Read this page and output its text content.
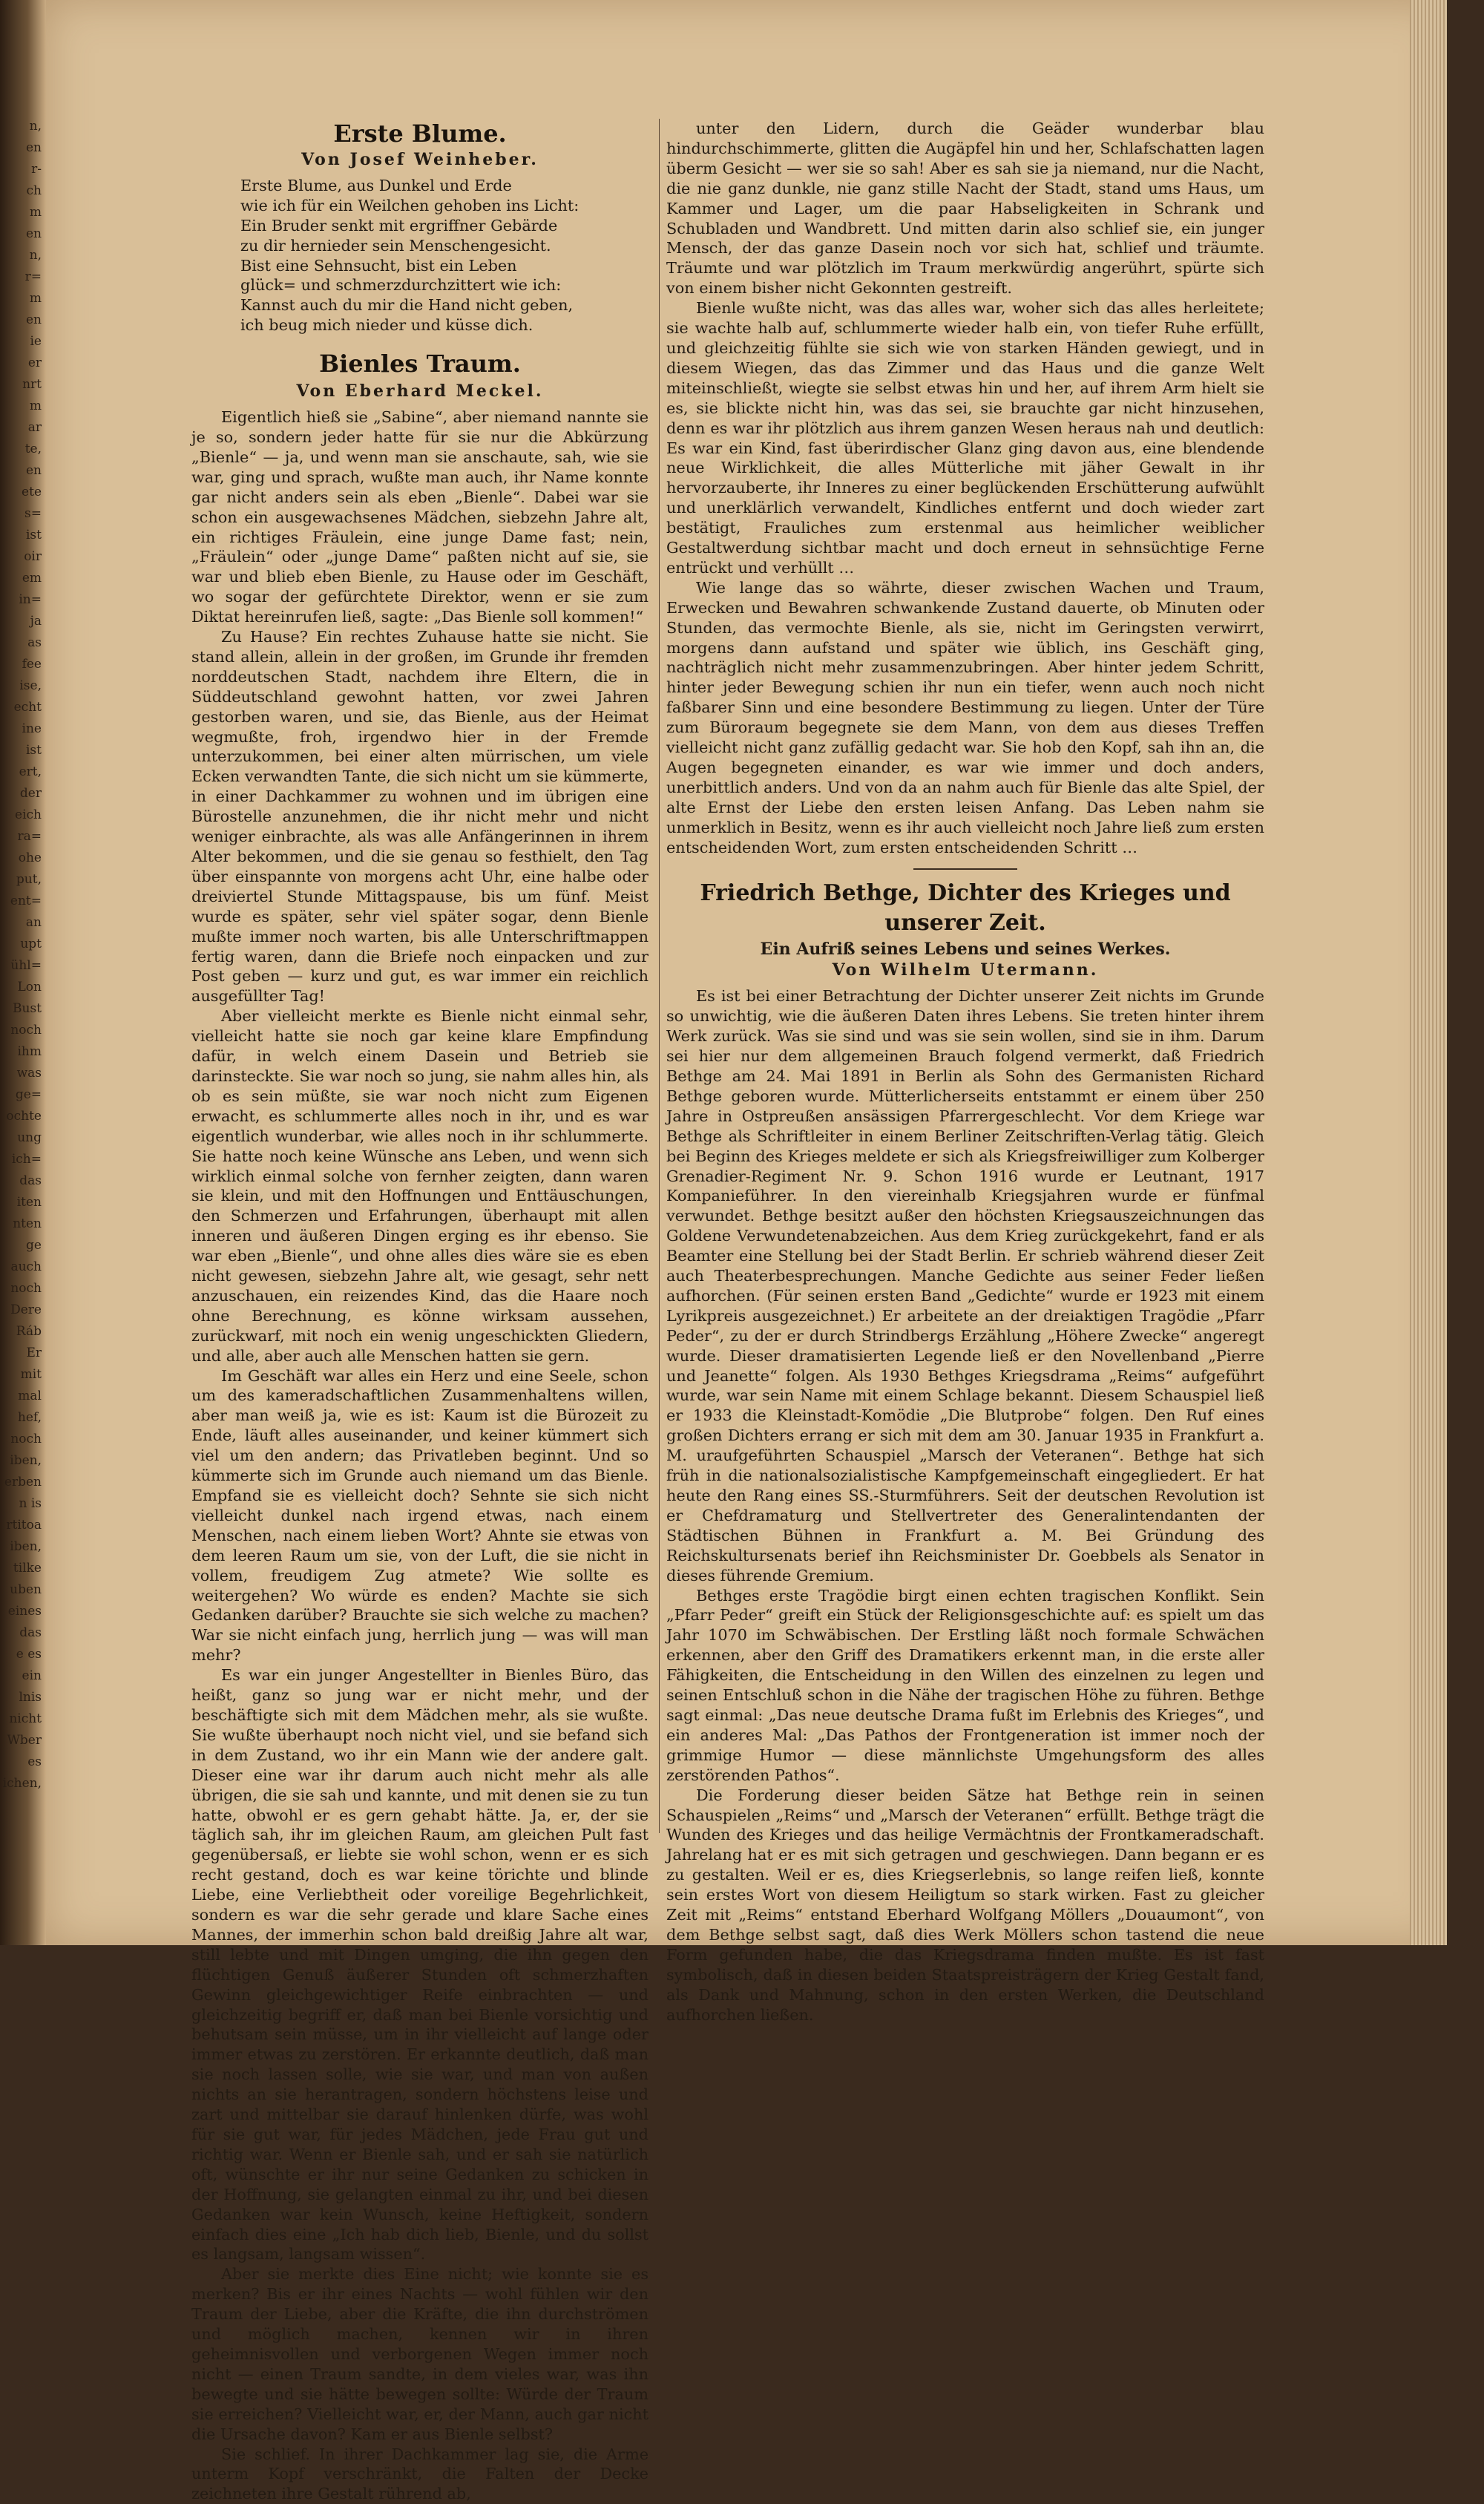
n,
en
r-
ch
m
en
n,
r=
m
en
ie
er
nrt
m
ar
te,
en
ete
s=
ist
oir
em
in=
ja
as
fee
ise,
echt
ine
ist
ert,
der
eich
ra=
ohe
put,
ent=
an
upt
ühl=
Lon
Bust
noch
ihm
was
ge=
ochte
ung
ich=
das
iten
nten
ge
auch
noch
Dere
Ráb
Er
mit
mal
hef,
noch
iben,
erben
n is
rtitoa
iben,
tilke
uben
eines
das
e es
ein
lnis
nicht
Wber
es
ichen,
Erste Blume.
Von Josef Weinheber.
Erste Blume, aus Dunkel und Erde
wie ich für ein Weilchen gehoben ins Licht:
Ein Bruder senkt mit ergriffner Gebärde
zu dir hernieder sein Menschengesicht.
Bist eine Sehnsucht, bist ein Leben
glück= und schmerzdurchzittert wie ich:
Kannst auch du mir die Hand nicht geben,
ich beug mich nieder und küsse dich.
Bienles Traum.
Von Eberhard Meckel.

Eigentlich hieß sie „Sabine“, aber niemand nannte sie je so, sondern jeder hatte für sie nur die Abkürzung „Bienle“ — ja, und wenn man sie anschaute, sah, wie sie war, ging und sprach, wußte man auch, ihr Name konnte gar nicht anders sein als eben „Bienle“. Dabei war sie schon ein ausgewachsenes Mädchen, siebzehn Jahre alt, ein richtiges Fräulein, eine junge Dame fast; nein, „Fräulein“ oder „junge Dame“ paßten nicht auf sie, sie war und blieb eben Bienle, zu Hause oder im Geschäft, wo sogar der gefürchtete Direktor, wenn er sie zum Diktat hereinrufen ließ, sagte: „Das Bienle soll kommen!“

Zu Hause? Ein rechtes Zuhause hatte sie nicht. Sie stand allein, allein in der großen, im Grunde ihr fremden norddeutschen Stadt, nachdem ihre Eltern, die in Süddeutschland gewohnt hatten, vor zwei Jahren gestorben waren, und sie, das Bienle, aus der Heimat wegmußte, froh, irgendwo hier in der Fremde unterzukommen, bei einer alten mürrischen, um viele Ecken verwandten Tante, die sich nicht um sie kümmerte, in einer Dachkammer zu wohnen und im übrigen eine Bürostelle anzunehmen, die ihr nicht mehr und nicht weniger einbrachte, als was alle Anfängerinnen in ihrem Alter bekommen, und die sie genau so festhielt, den Tag über einspannte von morgens acht Uhr, eine halbe oder dreiviertel Stunde Mittagspause, bis um fünf. Meist wurde es später, sehr viel später sogar, denn Bienle mußte immer noch warten, bis alle Unterschriftmappen fertig waren, dann die Briefe noch einpacken und zur Post geben — kurz und gut, es war immer ein reichlich ausgefüllter Tag!

Aber vielleicht merkte es Bienle nicht einmal sehr, vielleicht hatte sie noch gar keine klare Empfindung dafür, in welch einem Dasein und Betrieb sie darinsteckte. Sie war noch so jung, sie nahm alles hin, als ob es sein müßte, sie war noch nicht zum Eigenen erwacht, es schlummerte alles noch in ihr, und es war eigentlich wunderbar, wie alles noch in ihr schlummerte. Sie hatte noch keine Wünsche ans Leben, und wenn sich wirklich einmal solche von fernher zeigten, dann waren sie klein, und mit den Hoffnungen und Enttäuschungen, den Schmerzen und Erfahrungen, überhaupt mit allen inneren und äußeren Dingen erging es ihr ebenso. Sie war eben „Bienle“, und ohne alles dies wäre sie es eben nicht gewesen, siebzehn Jahre alt, wie gesagt, sehr nett anzuschauen, ein reizendes Kind, das die Haare noch ohne Berechnung, es könne wirksam aussehen, zurückwarf, mit noch ein wenig ungeschickten Gliedern, und alle, aber auch alle Menschen hatten sie gern.

Im Geschäft war alles ein Herz und eine Seele, schon um des kameradschaftlichen Zusammenhaltens willen, aber man weiß ja, wie es ist: Kaum ist die Bürozeit zu Ende, läuft alles auseinander, und keiner kümmert sich viel um den andern; das Privatleben beginnt. Und so kümmerte sich im Grunde auch niemand um das Bienle. Empfand sie es vielleicht doch? Sehnte sie sich nicht vielleicht dunkel nach irgend etwas, nach einem Menschen, nach einem lieben Wort? Ahnte sie etwas von dem leeren Raum um sie, von der Luft, die sie nicht in vollem, freudigem Zug atmete? Wie sollte es weitergehen? Wo würde es enden? Machte sie sich Gedanken darüber? Brauchte sie sich welche zu machen? War sie nicht einfach jung, herrlich jung — was will man mehr?

Es war ein junger Angestellter in Bienles Büro, das heißt, ganz so jung war er nicht mehr, und der beschäftigte sich mit dem Mädchen mehr, als sie wußte. Sie wußte überhaupt noch nicht viel, und sie befand sich in dem Zustand, wo ihr ein Mann wie der andere galt. Dieser eine war ihr darum auch nicht mehr als alle übrigen, die sie sah und kannte, und mit denen sie zu tun hatte, obwohl er es gern gehabt hätte. Ja, er, der sie täglich sah, ihr im gleichen Raum, am gleichen Pult fast gegenübersaß, er liebte sie wohl schon, wenn er es sich recht gestand, doch es war keine törichte und blinde Liebe, eine Verliebtheit oder voreilige Begehrlichkeit, sondern es war die sehr gerade und klare Sache eines Mannes, der immerhin schon bald dreißig Jahre alt war, still lebte und mit Dingen umging, die ihn gegen den flüchtigen Genuß äußerer Stunden oft schmerzhaften Gewinn gleichgewichtiger Reife einbrachten — und gleichzeitig begriff er, daß man bei Bienle vorsichtig und behutsam sein müsse, um in ihr vielleicht auf lange oder immer etwas zu zerstören. Er erkannte deutlich, daß man sie noch lassen solle, wie sie war, und man von außen nichts an sie herantragen, sondern höchstens leise und zart und mittelbar sie darauf hinlenken dürfe, was wohl für sie gut war, für jedes Mädchen, jede Frau gut und richtig war. Wenn er Bienle sah, und er sah sie natürlich oft, wünschte er ihr nur seine Gedanken zu schicken in der Hoffnung, sie gelangten einmal zu ihr, und bei diesen Gedanken war kein Wunsch, keine Heftigkeit, sondern einfach dies eine „Ich hab dich lieb, Bienle, und du sollst es langsam, langsam wissen“.

Aber sie merkte dies Eine nicht; wie konnte sie es merken? Bis er ihr eines Nachts — wohl fühlen wir den Traum der Liebe, aber die Kräfte, die ihn durchströmen und möglich machen, kennen wir in ihren geheimnisvollen und verborgenen Wegen immer noch nicht — einen Traum sandte, in dem vieles war, was ihn bewegte und sie hätte bewegen sollte: Würde der Traum sie erreichen? Vielleicht war, er, der Mann, auch gar nicht die Ursache davon? Kam er aus Bienle selbst?

Sie schlief. In ihrer Dachkammer lag sie, die Arme unterm Kopf verschränkt, die Falten der Decke zeichneten ihre Gestalt rührend ab,

unter den Lidern, durch die Geäder wunderbar blau hindurchschimmerte, glitten die Augäpfel hin und her, Schlafschatten lagen überm Gesicht — wer sie so sah! Aber es sah sie ja niemand, nur die Nacht, die nie ganz dunkle, nie ganz stille Nacht der Stadt, stand ums Haus, um Kammer und Lager, um die paar Habseligkeiten in Schrank und Schubladen und Wandbrett. Und mitten darin also schlief sie, ein junger Mensch, der das ganze Dasein noch vor sich hat, schlief und träumte. Träumte und war plötzlich im Traum merkwürdig angerührt, spürte sich von einem bisher nicht Gekonnten gestreift.

Bienle wußte nicht, was das alles war, woher sich das alles herleitete; sie wachte halb auf, schlummerte wieder halb ein, von tiefer Ruhe erfüllt, und gleichzeitig fühlte sie sich wie von starken Händen gewiegt, und in diesem Wiegen, das das Zimmer und das Haus und die ganze Welt miteinschließt, wiegte sie selbst etwas hin und her, auf ihrem Arm hielt sie es, sie blickte nicht hin, was das sei, sie brauchte gar nicht hinzusehen, denn es war ihr plötzlich aus ihrem ganzen Wesen heraus nah und deutlich: Es war ein Kind, fast überirdischer Glanz ging davon aus, eine blendende neue Wirklichkeit, die alles Mütterliche mit jäher Gewalt in ihr hervorzauberte, ihr Inneres zu einer beglückenden Erschütterung aufwühlt und unerklärlich verwandelt, Kindliches entfernt und doch wieder zart bestätigt, Frauliches zum erstenmal aus heimlicher weiblicher Gestaltwerdung sichtbar macht und doch erneut in sehnsüchtige Ferne entrückt und verhüllt …

Wie lange das so währte, dieser zwischen Wachen und Traum, Erwecken und Bewahren schwankende Zustand dauerte, ob Minuten oder Stunden, das vermochte Bienle, als sie, nicht im Geringsten verwirrt, morgens dann aufstand und später wie üblich, ins Geschäft ging, nachträglich nicht mehr zusammenzubringen. Aber hinter jedem Schritt, hinter jeder Bewegung schien ihr nun ein tiefer, wenn auch noch nicht faßbarer Sinn und eine besondere Bestimmung zu liegen. Unter der Türe zum Büroraum begegnete sie dem Mann, von dem aus dieses Treffen vielleicht nicht ganz zufällig gedacht war. Sie hob den Kopf, sah ihn an, die Augen begegneten einander, es war wie immer und doch anders, unerbittlich anders. Und von da an nahm auch für Bienle das alte Spiel, der alte Ernst der Liebe den ersten leisen Anfang. Das Leben nahm sie unmerklich in Besitz, wenn es ihr auch vielleicht noch Jahre ließ zum ersten entscheidenden Wort, zum ersten entscheidenden Schritt …

Friedrich Bethge, Dichter des Krieges und unserer Zeit.
Ein Aufriß seines Lebens und seines Werkes.
Von Wilhelm Utermann.

Es ist bei einer Betrachtung der Dichter unserer Zeit nichts im Grunde so unwichtig, wie die äußeren Daten ihres Lebens. Sie treten hinter ihrem Werk zurück. Was sie sind und was sie sein wollen, sind sie in ihm. Darum sei hier nur dem allgemeinen Brauch folgend vermerkt, daß Friedrich Bethge am 24. Mai 1891 in Berlin als Sohn des Germanisten Richard Bethge geboren wurde. Mütterlicherseits entstammt er einem über 250 Jahre in Ostpreußen ansässigen Pfarrergeschlecht. Vor dem Kriege war Bethge als Schriftleiter in einem Berliner Zeitschriften-Verlag tätig. Gleich bei Beginn des Krieges meldete er sich als Kriegsfreiwilliger zum Kolberger Grenadier-Regiment Nr. 9. Schon 1916 wurde er Leutnant, 1917 Kompanieführer. In den viereinhalb Kriegsjahren wurde er fünfmal verwundet. Bethge besitzt außer den höchsten Kriegsauszeichnungen das Goldene Verwundetenabzeichen. Aus dem Krieg zurückgekehrt, fand er als Beamter eine Stellung bei der Stadt Berlin. Er schrieb während dieser Zeit auch Theaterbesprechungen. Manche Gedichte aus seiner Feder ließen aufhorchen. (Für seinen ersten Band „Gedichte“ wurde er 1923 mit einem Lyrikpreis ausgezeichnet.) Er arbeitete an der dreiaktigen Tragödie „Pfarr Peder“, zu der er durch Strindbergs Erzählung „Höhere Zwecke“ angeregt wurde. Dieser dramatisierten Legende ließ er den Novellenband „Pierre und Jeanette“ folgen. Als 1930 Bethges Kriegsdrama „Reims“ aufgeführt wurde, war sein Name mit einem Schlage bekannt. Diesem Schauspiel ließ er 1933 die Kleinstadt-Komödie „Die Blutprobe“ folgen. Den Ruf eines großen Dichters errang er sich mit dem am 30. Januar 1935 in Frankfurt a. M. uraufgeführten Schauspiel „Marsch der Veteranen“. Bethge hat sich früh in die nationalsozialistische Kampfgemeinschaft eingegliedert. Er hat heute den Rang eines SS.-Sturmführers. Seit der deutschen Revolution ist er Chefdramaturg und Stellvertreter des Generalintendanten der Städtischen Bühnen in Frankfurt a. M. Bei Gründung des Reichskultursenats berief ihn Reichsminister Dr. Goebbels als Senator in dieses führende Gremium.

Bethges erste Tragödie birgt einen echten tragischen Konflikt. Sein „Pfarr Peder“ greift ein Stück der Religionsgeschichte auf: es spielt um das Jahr 1070 im Schwäbischen. Der Erstling läßt noch formale Schwächen erkennen, aber den Griff des Dramatikers erkennt man, in die erste aller Fähigkeiten, die Entscheidung in den Willen des einzelnen zu legen und seinen Entschluß schon in die Nähe der tragischen Höhe zu führen. Bethge sagt einmal: „Das neue deutsche Drama fußt im Erlebnis des Krieges“, und ein anderes Mal: „Das Pathos der Frontgeneration ist immer noch der grimmige Humor — diese männlichste Umgehungsform des alles zerstörenden Pathos“.

Die Forderung dieser beiden Sätze hat Bethge rein in seinen Schauspielen „Reims“ und „Marsch der Veteranen“ erfüllt. Bethge trägt die Wunden des Krieges und das heilige Vermächtnis der Frontkameradschaft. Jahrelang hat er es mit sich getragen und geschwiegen. Dann begann er es zu gestalten. Weil er es, dies Kriegserlebnis, so lange reifen ließ, konnte sein erstes Wort von diesem Heiligtum so stark wirken. Fast zu gleicher Zeit mit „Reims“ entstand Eberhard Wolfgang Möllers „Douaumont“, von dem Bethge selbst sagt, daß dies Werk Möllers schon tastend die neue Form gefunden habe, die das Kriegsdrama finden mußte. Es ist fast symbolisch, daß in diesen beiden Staatspreisträgern der Krieg Gestalt fand, als Dank und Mahnung, schon in den ersten Werken, die Deutschland aufhorchen ließen.
